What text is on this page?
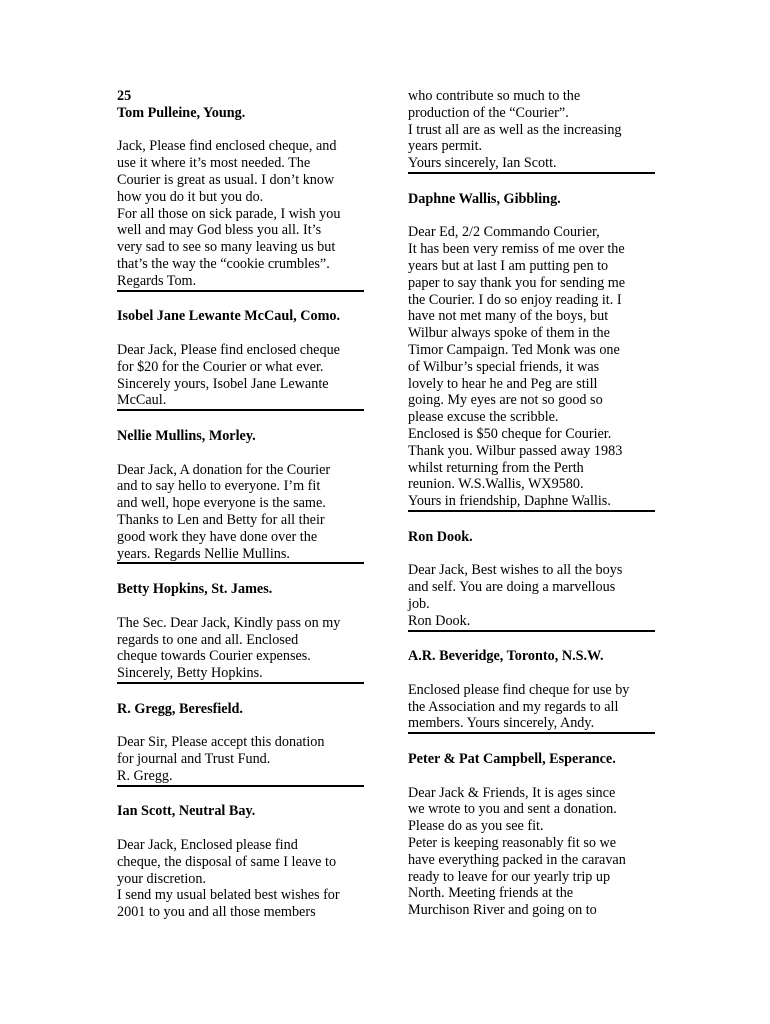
25
Tom Pulleine, Young.
Jack, Please find enclosed cheque, and
use it where it’s most needed. The
Courier is great as usual. I don’t know
how you do it but you do.
For all those on sick parade, I wish you
well and may God bless you all. It’s
very sad to see so many leaving us but
that’s the way the “cookie crumbles”.
Regards Tom.
Isobel Jane Lewante McCaul, Como.
Dear Jack, Please find enclosed cheque
for $20 for the Courier or what ever.
Sincerely yours, Isobel Jane Lewante
McCaul.
Nellie Mullins, Morley.
Dear Jack, A donation for the Courier
and to say hello to everyone. I’m fit
and well, hope everyone is the same.
Thanks to Len and Betty for all their
good work they have done over the
years. Regards Nellie Mullins.
Betty Hopkins, St. James.
The Sec. Dear Jack, Kindly pass on my
regards to one and all. Enclosed
cheque towards Courier expenses.
Sincerely, Betty Hopkins.
R. Gregg, Beresfield.
Dear Sir, Please accept this donation
for journal and Trust Fund.
R. Gregg.
Ian Scott, Neutral Bay.
Dear Jack, Enclosed please find
cheque, the disposal of same I leave to
your discretion.
I send my usual belated best wishes for
2001 to you and all those members
who contribute so much to the
production of the “Courier”.
I trust all are as well as the increasing
years permit.
Yours sincerely, Ian Scott.
Daphne Wallis, Gibbling.
Dear Ed, 2/2 Commando Courier,
It has been very remiss of me over the
years but at last I am putting pen to
paper to say thank you for sending me
the Courier. I do so enjoy reading it. I
have not met many of the boys, but
Wilbur always spoke of them in the
Timor Campaign. Ted Monk was one
of Wilbur’s special friends, it was
lovely to hear he and Peg are still
going. My eyes are not so good so
please excuse the scribble.
Enclosed is $50 cheque for Courier.
Thank you. Wilbur passed away 1983
whilst returning from the Perth
reunion. W.S.Wallis, WX9580.
Yours in friendship, Daphne Wallis.
Ron Dook.
Dear Jack, Best wishes to all the boys
and self. You are doing a marvellous
job.
Ron Dook.
A.R. Beveridge, Toronto, N.S.W.
Enclosed please find cheque for use by
the Association and my regards to all
members. Yours sincerely, Andy.
Peter & Pat Campbell, Esperance.
Dear Jack & Friends, It is ages since
we wrote to you and sent a donation.
Please do as you see fit.
Peter is keeping reasonably fit so we
have everything packed in the caravan
ready to leave for our yearly trip up
North. Meeting friends at the
Murchison River and going on to
